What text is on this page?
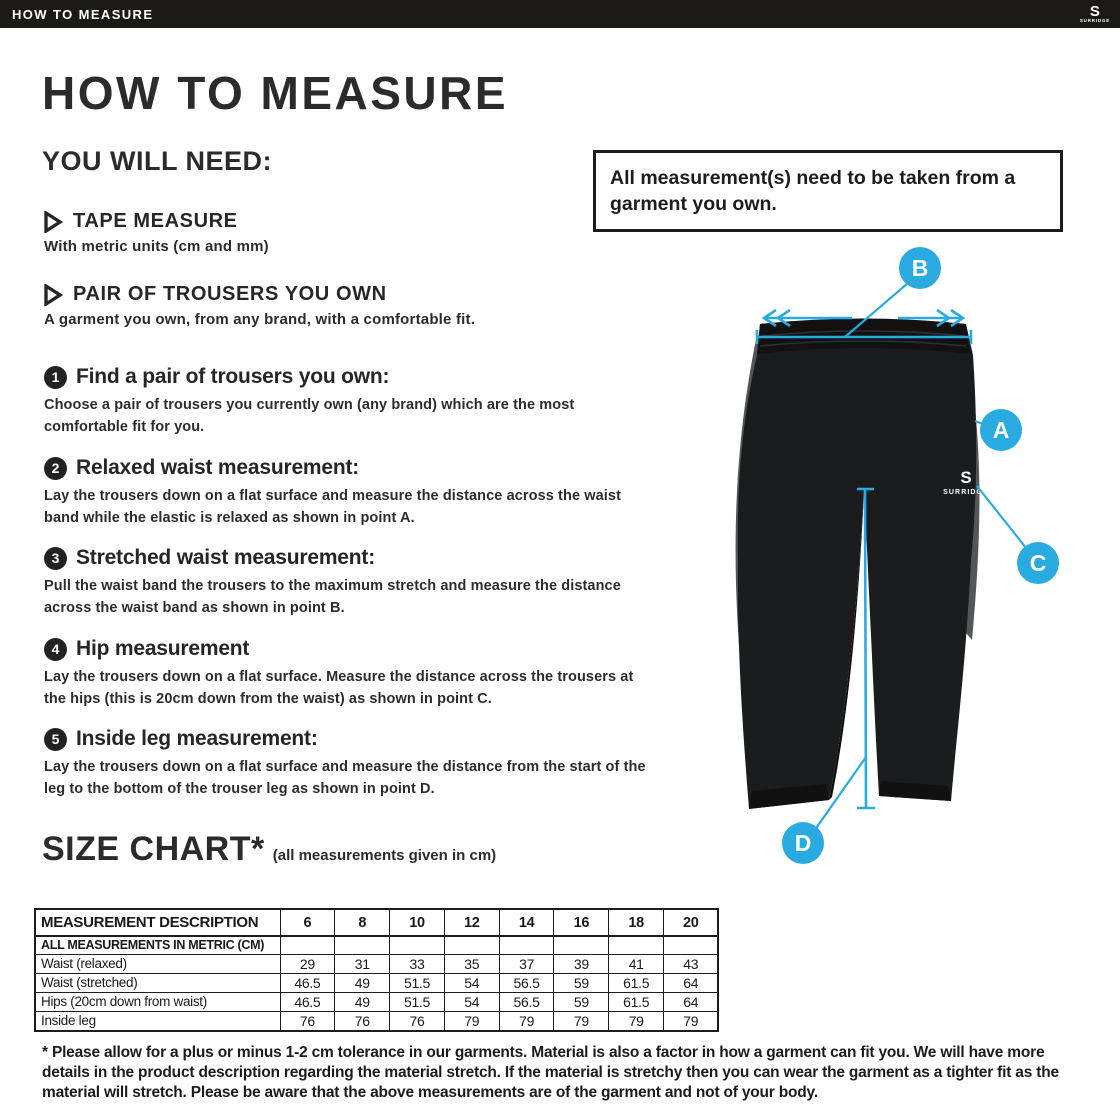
HOW TO MEASURE	S
SURRIDGE
HOW TO MEASURE
YOU WILL NEED:
TAPE MEASURE
With metric units (cm and mm)
PAIR OF TROUSERS YOU OWN
A garment you own, from any brand, with a comfortable fit.
All measurement(s) need to be taken from a garment you own.
1 Find a pair of trousers you own:
Choose a pair of trousers you currently own (any brand) which are the most comfortable fit for you.
2 Relaxed waist measurement:
Lay the trousers down on a flat surface and measure the distance across the waist band while the elastic is relaxed as shown in point A.
3 Stretched waist measurement:
Pull the waist band the trousers to the maximum stretch and measure the distance across the waist band as shown in point B.
4 Hip measurement
Lay the trousers down on a flat surface. Measure the distance across the trousers at the hips (this is 20cm down from the waist) as shown in point C.
5 Inside leg measurement:
Lay the trousers down on a flat surface and measure the distance from the start of the leg to the bottom of the trouser leg as shown in point D.
SIZE CHART* (all measurements given in cm)
MEASUREMENT DESCRIPTION	6	8	10	12	14	16	18	20
ALL MEASUREMENTS IN METRIC (CM)								
Waist (relaxed)	29	31	33	35	37	39	41	43
Waist (stretched)	46.5	49	51.5	54	56.5	59	61.5	64
Hips (20cm down from waist)	46.5	49	51.5	54	56.5	59	61.5	64
Inside leg	76	76	76	79	79	79	79	79
* Please allow for a plus or minus 1-2 cm tolerance in our garments. Material is also a factor in how a garment can fit you. We will have more details in the product description regarding the material stretch. If the material is stretchy then you can wear the garment as a tighter fit as the material will stretch. Please be aware that the above measurements are of the garment and not of your body.
S
SURRIDGE
B
A
C
D
